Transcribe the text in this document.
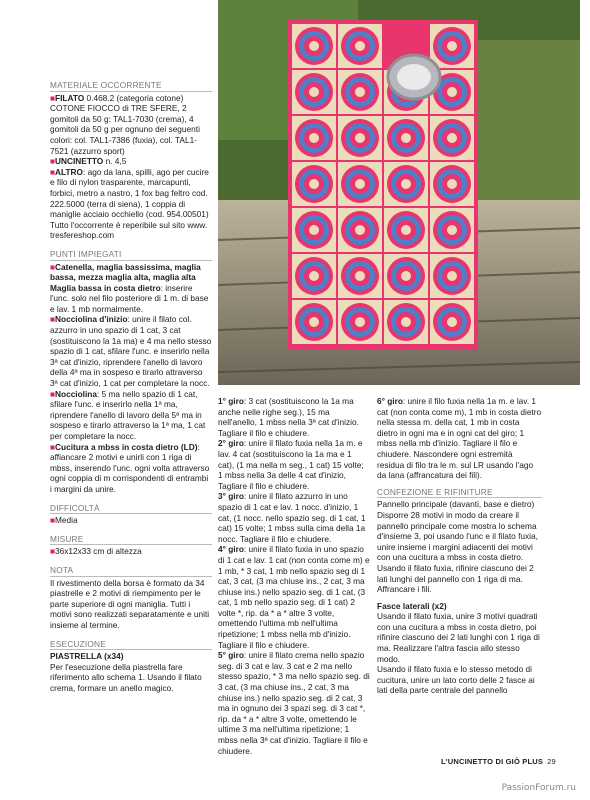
MATERIALE OCCORRENTE

■FILATO 0.468.2 (categoria cotone) COTONE FIOCCO di TRE SFERE, 2 gomitoli da 50 g: TAL1-7030 (crema), 4 gomitoli da 50 g per ognuno dei seguenti colori: col. TAL1-7386 (fuxia), col. TAL1-7521 (azzurro sport)

■UNCINETTO n. 4,5

■ALTRO: ago da lana, spilli, ago per cucire e filo di nylon trasparente, marcapunti, forbici, metro a nastro, 1 fox bag feltro cod. 222.5000 (terra di siena), 1 coppia di maniglie acciaio occhiello (cod. 954.00501) Tutto l'occorrente è reperibile sul sito www. tresfereshop.com

PUNTI IMPIEGATI

■Catenella, maglia bassissima, maglia bassa, mezza maglia alta, maglia alta

Maglia bassa in costa dietro: inserire l'unc. solo nel filo posteriore di 1 m. di base e lav. 1 mb normalmente.

■Nocciolina d'inizio: unire il filato col. azzurro in uno spazio di 1 cat, 3 cat (sostituiscono la 1a ma) e 4 ma nello stesso spazio di 1 cat, sfilare l'unc. e inserirlo nella 3ª cat d'inizio, riprendere l'anello di lavoro della 4ª ma in sospeso e tirarlo attraverso 3ª cat d'inizio, 1 cat per completare la nocc.

■Nocciolina: 5 ma nello spazio di 1 cat, sfilare l'unc. e inserirlo nella 1ª ma, riprendere l'anello di lavoro della 5ª ma in sospeso e tirarlo attraverso la 1ª ma, 1 cat per completare la nocc.

■Cucitura a mbss in costa dietro (LD): affiancare 2 motivi e unirli con 1 riga di mbss, inserendo l'unc. ogni volta attraverso ogni coppia di m corrispondenti di entrambi i margini da unire.

DIFFICOLTÀ

■Media

MISURE

■36x12x33 cm di altezza

NOTA

Il rivestimento della borsa è formato da 34 piastrelle e 2 motivi di riempimento per le parte superiore di ogni maniglia. Tutti i motivi sono realizzati separatamente e uniti insieme al termine.

ESECUZIONE

PIASTRELLA (x34)

Per l'esecuzione della piastrella fare riferimento allo schema 1. Usando il filato crema, formare un anello magico.

1° giro: 3 cat (sostituiscono la 1a ma anche nelle righe seg.), 15 ma nell'anello, 1 mbss nella 3ª cat d'inizio. Tagliare il filo e chiudere.

2° giro: unire il filato fuxia nella 1a m. e lav. 4 cat (sostituiscono la 1a ma e 1 cat), (1 ma nella m seg., 1 cat) 15 volte; 1 mbss nella 3a delle 4 cat d'inizio, Tagliare il filo e chiudere.

3° giro: unire il filato azzurro in uno spazio di 1 cat e lav. 1 nocc. d'inizio, 1 cat, (1 nocc. nello spazio seg. di 1 cat, 1 cat) 15 volte; 1 mbss sulla cima della 1a nocc. Tagliare il filo e chiudere.

4° giro: unire il filato fuxia in uno spazio di 1 cat e lav. 1 cat (non conta come m) e 1 mb, * 3 cat, 1 mb nello spazio seg di 1 cat, 3 cat, (3 ma chiuse ins., 2 cat, 3 ma chiuse ins.) nello spazio seg. di 1 cat, (3 cat, 1 mb nello spazio seg. di 1 cat) 2 volte *, rip. da * a * altre 3 volte, omettendo l'ultima mb nell'ultima ripetizione; 1 mbss nella mb d'inizio. Tagliare il filo e chiudere.

5° giro: unire il filato crema nello spazio seg. di 3 cat e lav. 3 cat e 2 ma nello stesso spazio, * 3 ma nello spazio seg. di 3 cat, (3 ma chiuse ins., 2 cat, 3 ma chiuse ins.) nello spazio seg. di 2 cat, 3 ma in ognuno dei 3 spazi seg. di 3 cat *, rip. da * a * altre 3 volte, omettendo le ultime 3 ma nell'ultima ripetizione; 1 mbss nella 3ª cat d'inizio. Tagliare il filo e chiudere.

6° giro: unire il filo fuxia nella 1a m. e lav. 1 cat (non conta come m), 1 mb in costa dietro nella stessa m. della cat, 1 mb in costa dietro in ogni ma e in ogni cat del giro; 1 mbss nella mb d'inizio. Tagliare il filo e chiudere. Nascondere ogni estremità residua di filo tra le m. sul LR usando l'ago da lana (affrancatura dei fili).

CONFEZIONE E RIFINITURE

Pannello principale (davanti, base e dietro)

Disporre 28 motivi in modo da creare il pannello principale come mostra lo schema d'insieme 3, poi usando l'unc e il filato fuxia, unire insieme i margini adiacenti dei motivi con una cucitura a mbss in costa dietro.

Usando il filato fuxia, rifinire ciascuno dei 2 lati lunghi del pannello con 1 riga di ma. Affrancare i fili.

Fasce laterali (x2)

Usando il filato fuxia, unire 3 motivi quadrati con una cucitura a mbss in costa dietro, poi rifinire ciascuno dei 2 lati lunghi con 1 riga di ma. Realizzare l'altra fascia allo stesso modo.

Usando il filato fuxia e lo stesso metodo di cucitura, unire un lato corto delle 2 fasce ai lati della parte centrale del pannello

L'UNCINETTO DI GIÒ PLUS 29
PassionForum.ru
